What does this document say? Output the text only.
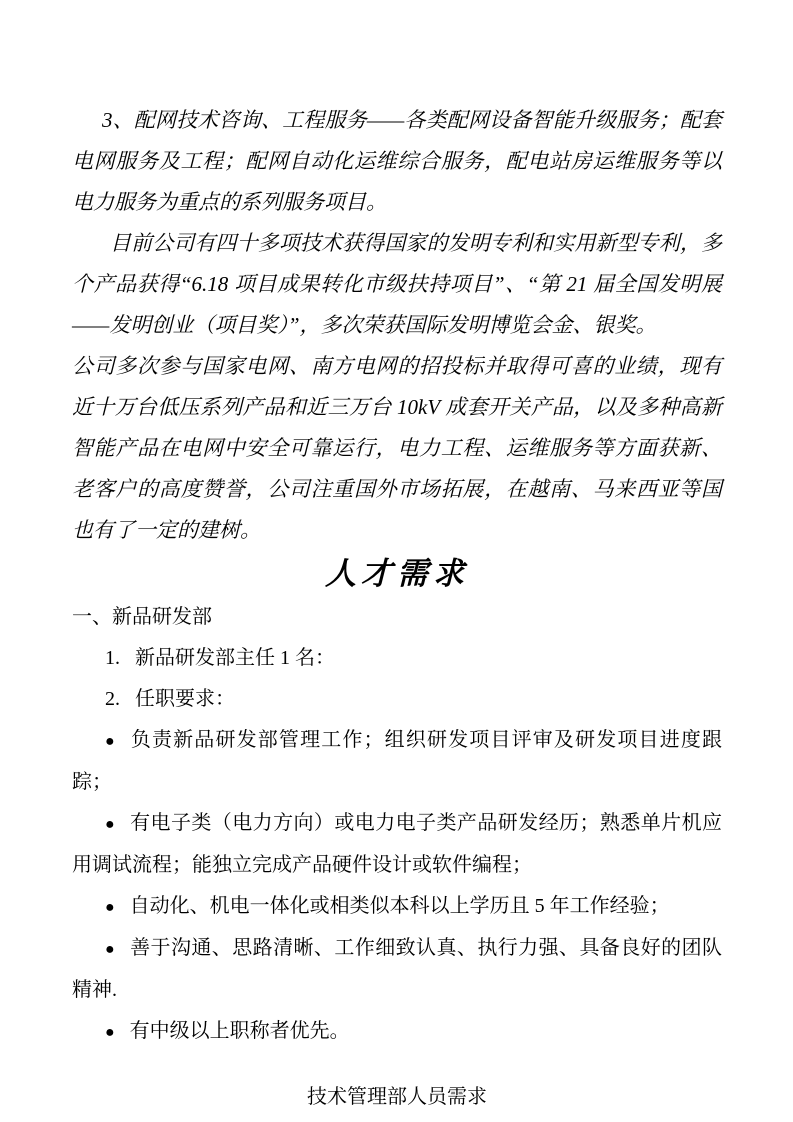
3、配网技术咨询、工程服务——各类配网设备智能升级服务；配套电网服务及工程；配网自动化运维综合服务，配电站房运维服务等以电力服务为重点的系列服务项目。

目前公司有四十多项技术获得国家的发明专利和实用新型专利，多个产品获得“6.18 项目成果转化市级扶持项目”、“第 21 届全国发明展——发明创业（项目奖）”，多次荣获国际发明博览会金、银奖。

公司多次参与国家电网、南方电网的招投标并取得可喜的业绩，现有近十万台低压系列产品和近三万台 10kV 成套开关产品，以及多种高新智能产品在电网中安全可靠运行，电力工程、运维服务等方面获新、老客户的高度赞誉，公司注重国外市场拓展，在越南、马来西亚等国也有了一定的建树。

人才需求

一、新品研发部

1. 新品研发部主任 1 名：

2. 任职要求：

● 负责新品研发部管理工作；组织研发项目评审及研发项目进度跟踪；

● 有电子类（电力方向）或电力电子类产品研发经历；熟悉单片机应用调试流程；能独立完成产品硬件设计或软件编程；

● 自动化、机电一体化或相类似本科以上学历且 5 年工作经验；

● 善于沟通、思路清晰、工作细致认真、执行力强、具备良好的团队精神.

● 有中级以上职称者优先。

技术管理部人员需求
